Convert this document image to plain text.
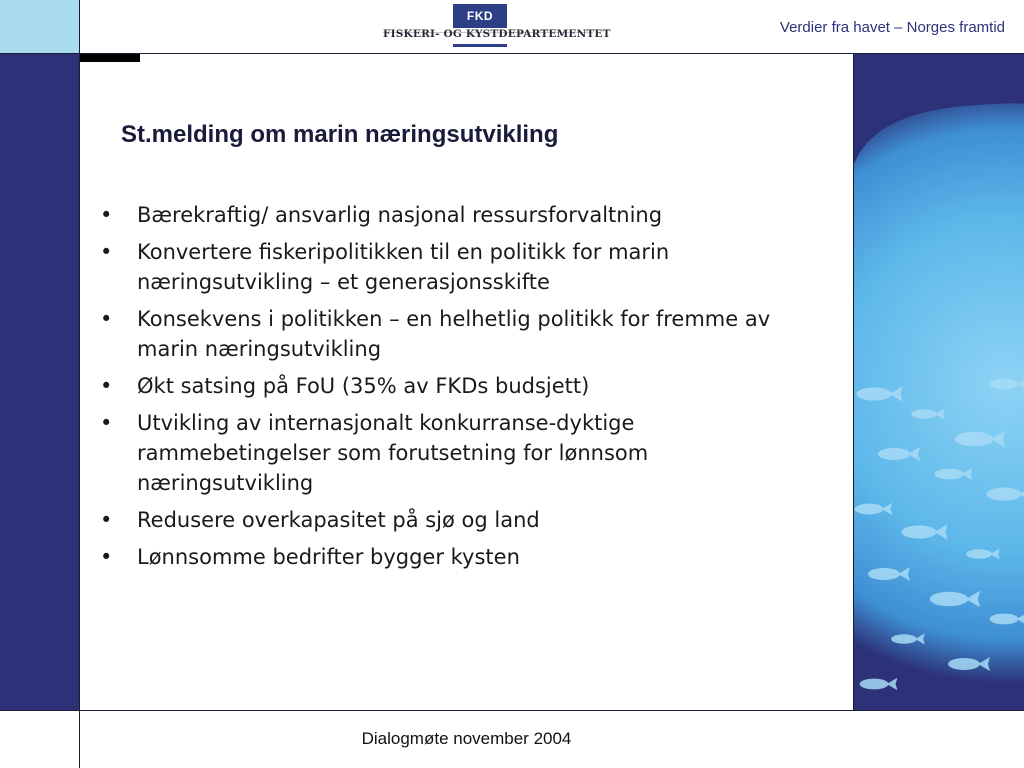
FKD
FISKERI- OG KYSTDEPARTEMENTET	Verdier fra havet – Norges framtid
St.melding om marin næringsutvikling
• Bærekraftig/ ansvarlig nasjonal ressursforvaltning
• Konvertere fiskeripolitikken til en politikk for marin næringsutvikling – et generasjonsskifte
• Konsekvens i politikken – en helhetlig politikk for fremme av marin næringsutvikling
• Økt satsing på FoU (35% av FKDs budsjett)
• Utvikling av internasjonalt konkurranse-dyktige rammebetingelser som forutsetning for lønnsom næringsutvikling
• Redusere overkapasitet på sjø og land
• Lønnsomme bedrifter bygger kysten
Dialogmøte november 2004
